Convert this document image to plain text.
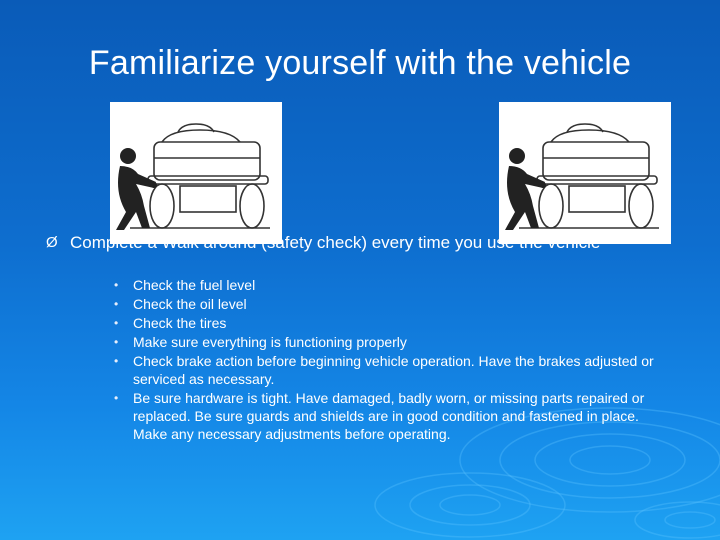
Familiarize yourself with the vehicle
Ø Complete a Walk around (safety check) every time you use the vehicle
• Check the fuel level
• Check the oil level
• Check the tires
• Make sure everything is functioning properly
• Check brake action before beginning vehicle operation. Have the brakes adjusted or serviced as necessary.
• Be sure hardware is tight. Have damaged, badly worn, or missing parts repaired or replaced. Be sure guards and shields are in good condition and fastened in place. Make any necessary adjustments before operating.
